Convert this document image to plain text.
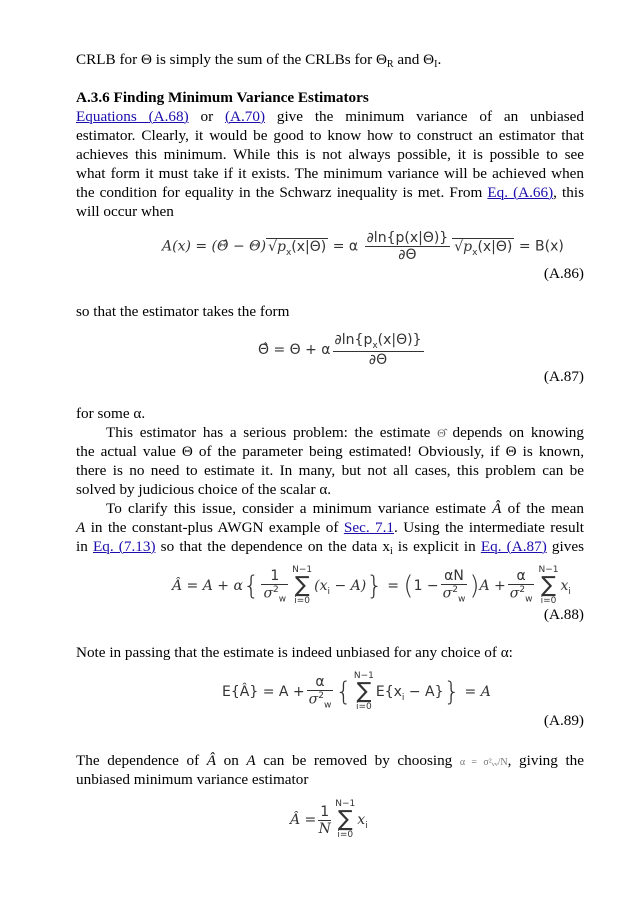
CRLB for Θ is simply the sum of the CRLBs for $\Theta_R$ and $\Theta_I$.
A.3.6 Finding Minimum Variance Estimators
Equations (A.68) or (A.70) give the minimum variance of an unbiased
estimator. Clearly, it would be good to know how to construct an estimator that
achieves this minimum. While this is not always possible, it is possible to see
what form it must take if it exists. The minimum variance will be achieved when
the condition for equality in the Schwarz inequality is met. From Eq. (A.66), this
will occur when
A(x) = (Θ̂ − Θ) $√p_x(x|\Theta) = \alpha \frac{\partial\ln\{p(x|\Theta)\}}{\partial\Theta} √p_x(x|\Theta) = B(x)$
(A.86)
so that the estimator takes the form
Θ̂ = Θ + α $\frac{\partial\ln\{p_x(x|\Theta)\}}{\partial\Theta}$
(A.87)
for some α.
This estimator has a serious problem: the estimate Θ̂ depends on knowing
the actual value Θ of the parameter being estimated! Obviously, if Θ is known,
there is no need to estimate it. In many, but not all cases, this problem can be
solved by judicious choice of the scalar α.
To clarify this issue, consider a minimum variance estimate Â of the mean
A in the constant-plus AWGN example of Sec. 7.1. Using the intermediate result
in Eq. (7.13) so that the dependence on the data $x_i$ is explicit in Eq. (A.87) gives
Â = $A + \alpha\{ \frac{1}{\sigma^2_w} N-1$
∑
i=0
$(x_i - A)\} = (1 - \frac{\alpha N}{\sigma^2_w} )A + \frac{\alpha}{\sigma^2_w} N-1$
∑
i=0
$x_i$
(A.88)
Note in passing that the estimate is indeed unbiased for any choice of α:
E{Â} = $A + \frac{\alpha}{\sigma^2_w}$ {
N−1
∑
i=0
$E\{x_i - A\}\} = A$
(A.89)
The dependence of Â on A can be removed by choosing α = σ²ᵥᵥ/N, giving the
unbiased minimum variance estimator
Â = $\frac{1}{N} N-1$
∑
i=0
$x_i$
